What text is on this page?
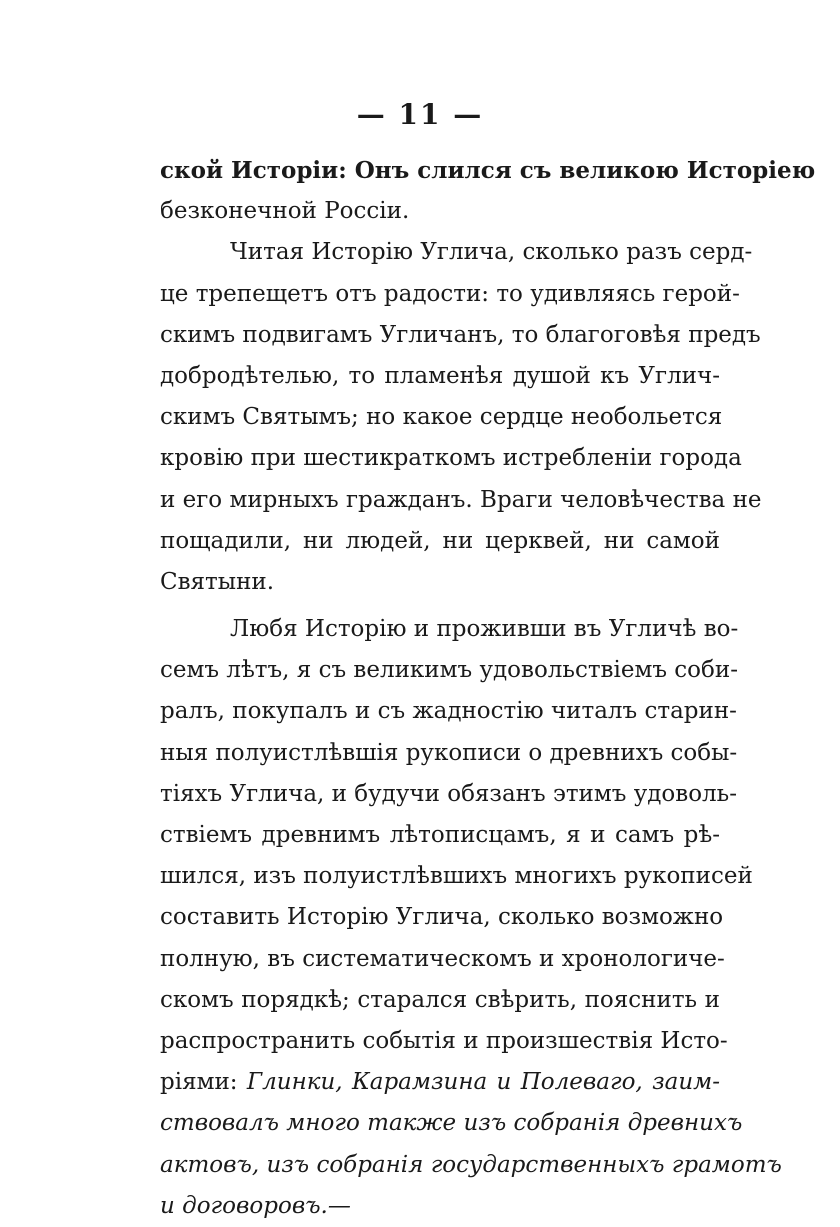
— 11 —
ской Исторіи: Онъ слился съ великою Исторіею
безконечной Россіи.
Читая Исторію Углича, сколько разъ серд-
це трепещетъ отъ радости: то удивляясь герой-
скимъ подвигамъ Угличанъ, то благоговѣя предъ
добродѣтелью, то пламенѣя душой къ Углич-
скимъ Святымъ; но какое сердце необольется
кровію при шестикраткомъ истребленіи города
и его мирныхъ гражданъ. Враги человѣчества не
пощадили, ни людей, ни церквей, ни самой
Святыни.
Любя Исторію и проживши въ Угличѣ во-
семъ лѣтъ, я съ великимъ удовольствіемъ соби-
ралъ, покупалъ и съ жадностію читалъ старин-
ныя полуистлѣвшія рукописи о древнихъ собы-
тіяхъ Углича, и будучи обязанъ этимъ удоволь-
ствіемъ древнимъ лѣтописцамъ, я и самъ рѣ-
шился, изъ полуистлѣвшихъ многихъ рукописей
составить Исторію Углича, сколько возможно
полную, въ систематическомъ и хронологиче-
скомъ порядкѣ; старался свѣрить, пояснить и
распространить событія и произшествія Исто-
ріями: Глинки, Карамзина и Полеваго, заим-
ствовалъ много также изъ собранія древнихъ
актовъ, изъ собранія государственныхъ грамотъ
и договоровъ.—
